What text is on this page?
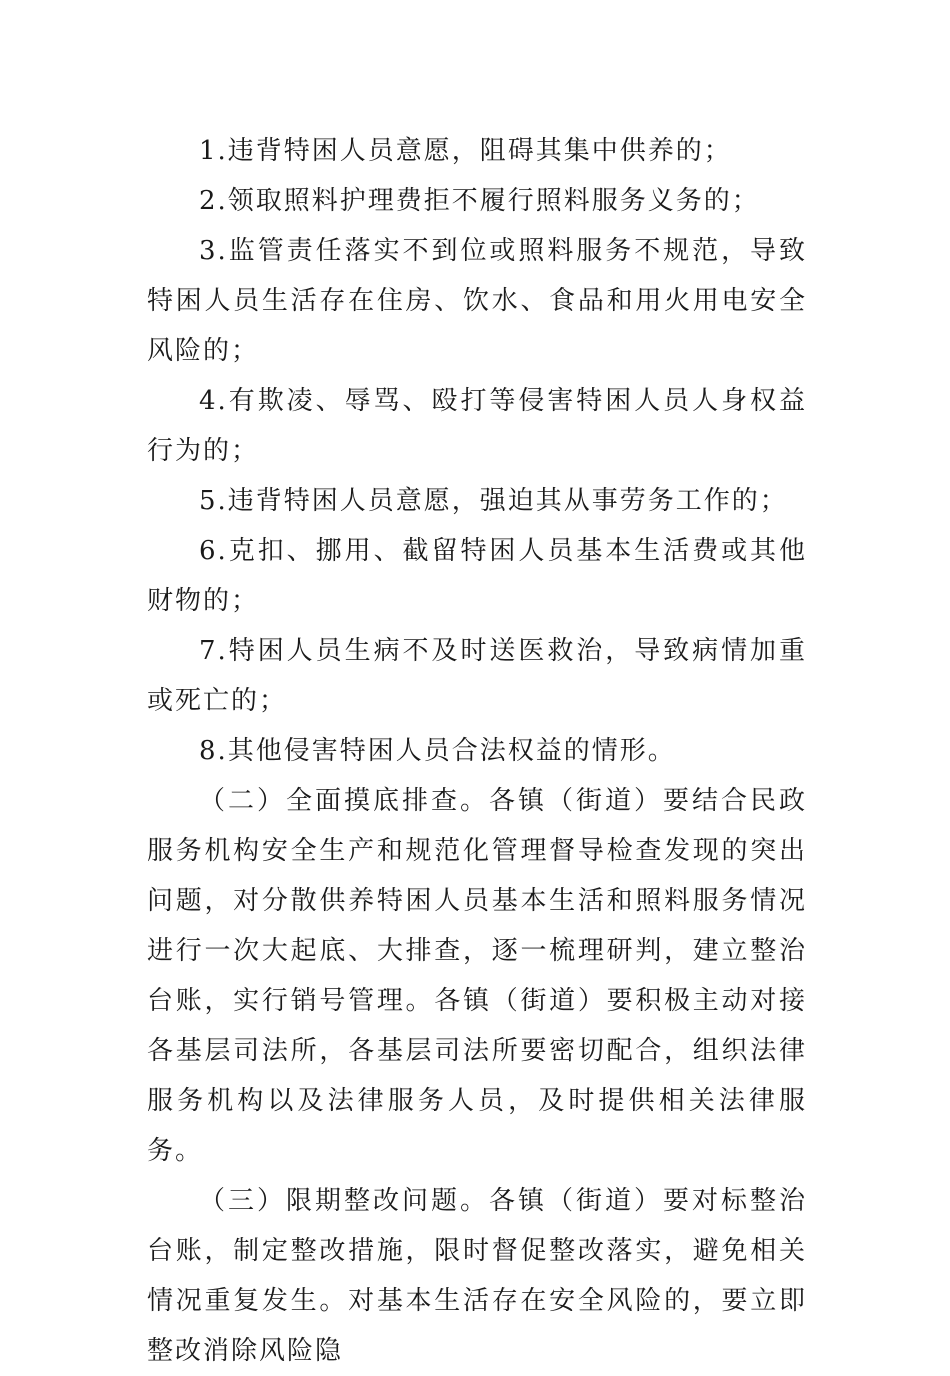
1.违背特困人员意愿，阻碍其集中供养的；

2.领取照料护理费拒不履行照料服务义务的；

3.监管责任落实不到位或照料服务不规范，导致特困人员生活存在住房、饮水、食品和用火用电安全风险的；

4.有欺凌、辱骂、殴打等侵害特困人员人身权益行为的；

5.违背特困人员意愿，强迫其从事劳务工作的；

6.克扣、挪用、截留特困人员基本生活费或其他财物的；

7.特困人员生病不及时送医救治，导致病情加重或死亡的；

8.其他侵害特困人员合法权益的情形。

（二）全面摸底排查。各镇（街道）要结合民政服务机构安全生产和规范化管理督导检查发现的突出问题，对分散供养特困人员基本生活和照料服务情况进行一次大起底、大排查，逐一梳理研判，建立整治台账，实行销号管理。各镇（街道）要积极主动对接各基层司法所，各基层司法所要密切配合，组织法律服务机构以及法律服务人员，及时提供相关法律服务。

（三）限期整改问题。各镇（街道）要对标整治台账，制定整改措施，限时督促整改落实，避免相关情况重复发生。对基本生活存在安全风险的，要立即整改消除风险隐
